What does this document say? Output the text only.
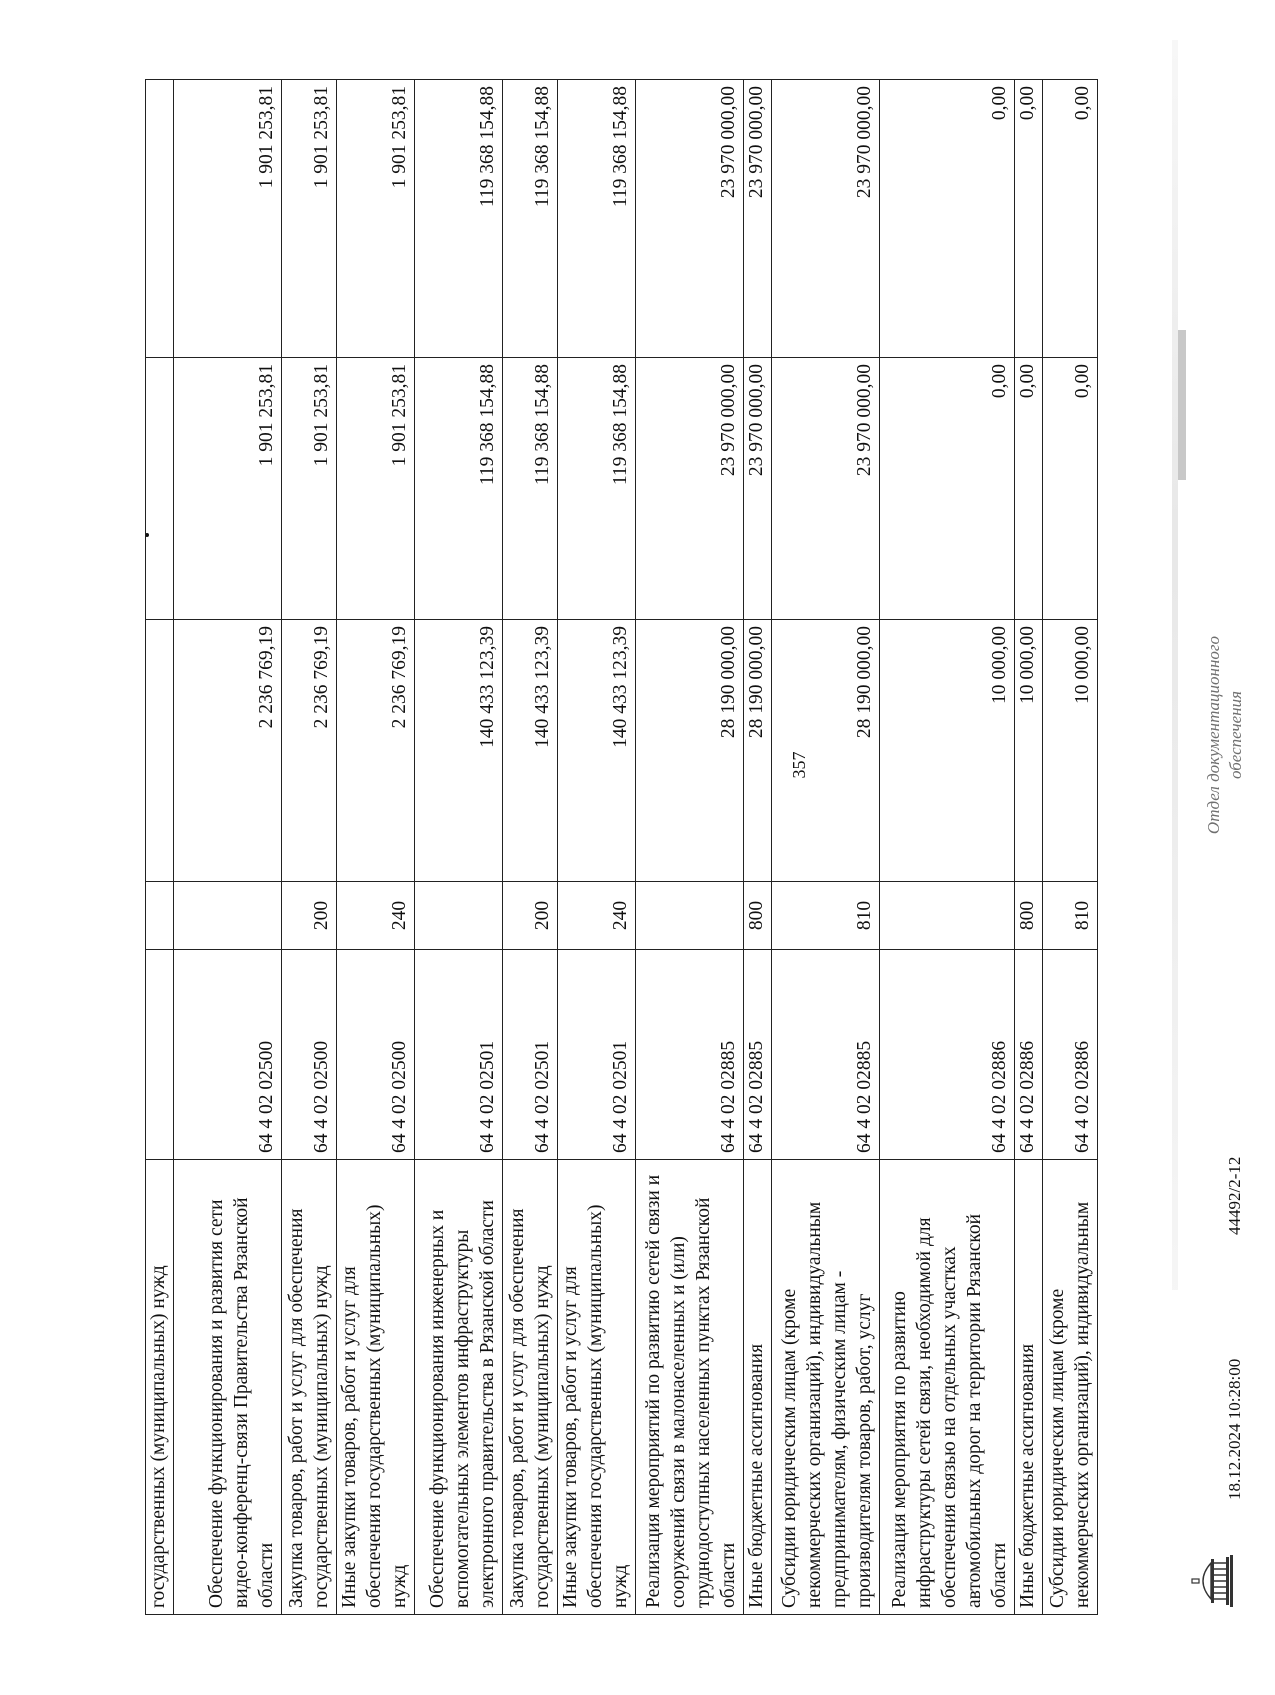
государственных (муниципальных) нужд					
Обеспечение функционирования и развития сети видео-конференц-связи Правительства Рязанской области	64 4 02 02500		2 236 769,19	1 901 253,81	1 901 253,81
Закупка товаров, работ и услуг для обеспечения государственных (муниципальных) нужд	64 4 02 02500	200	2 236 769,19	1 901 253,81	1 901 253,81
Иные закупки товаров, работ и услуг для обеспечения государственных (муниципальных) нужд	64 4 02 02500	240	2 236 769,19	1 901 253,81	1 901 253,81
Обеспечение функционирования инженерных и вспомогательных элементов инфраструктуры электронного правительства в Рязанской области	64 4 02 02501		140 433 123,39	119 368 154,88	119 368 154,88
Закупка товаров, работ и услуг для обеспечения государственных (муниципальных) нужд	64 4 02 02501	200	140 433 123,39	119 368 154,88	119 368 154,88
Иные закупки товаров, работ и услуг для обеспечения государственных (муниципальных) нужд	64 4 02 02501	240	140 433 123,39	119 368 154,88	119 368 154,88
Реализация мероприятий по развитию сетей связи и сооружений связи в малонаселенных и (или) труднодоступных населенных пунктах Рязанской области	64 4 02 02885		28 190 000,00	23 970 000,00	23 970 000,00
Иные бюджетные ассигнования	64 4 02 02885	800	28 190 000,00	23 970 000,00	23 970 000,00
Субсидии юридическим лицам (кроме некоммерческих организаций), индивидуальным предпринимателям, физическим лицам - производителям товаров, работ, услуг	64 4 02 02885	810	28 190 000,00	23 970 000,00	23 970 000,00
Реализация мероприятия по развитию инфраструктуры сетей связи, необходимой для обеспечения связью на отдельных участках автомобильных дорог на территории Рязанской области	64 4 02 02886		10 000,00	0,00	0,00
Иные бюджетные ассигнования	64 4 02 02886	800	10 000,00	0,00	0,00
Субсидии юридическим лицам (кроме некоммерческих организаций), индивидуальным	64 4 02 02886	810	10 000,00	0,00	0,00
357
18.12.2024 10:28:00
44492/2-12
Отдел документационного обеспечения
